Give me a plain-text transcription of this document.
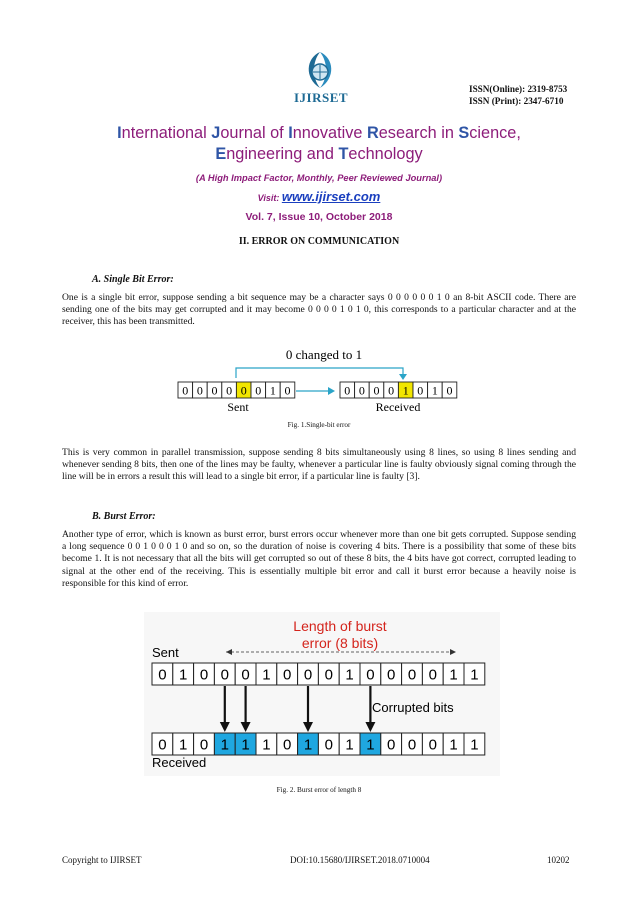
IJIRSET
ISSN(Online): 2319-8753
ISSN (Print): 2347-6710
International Journal of Innovative Research in Science,
Engineering and Technology
(A High Impact Factor, Monthly, Peer Reviewed Journal)
Visit: www.ijirset.com
Vol. 7, Issue 10, October 2018
II. ERROR ON COMMUNICATION
A. Single Bit Error:
One is a single bit error, suppose sending a bit sequence may be a character says 0 0 0 0 0 0 1 0 an 8-bit ASCII code. There are sending one of the bits may get corrupted and it may become 0 0 0 0 1 0 1 0, this corresponds to a particular character and at the receiver, this has been transmitted.
0 changed to 1
0 0 0 0 0 0 1 0	0 0 0 0 1 0 1 0
Sent	Received
Fig. 1.Single-bit error
This is very common in parallel transmission, suppose sending 8 bits simultaneously using 8 lines, so using 8 lines sending and whenever sending 8 bits, then one of the lines may be faulty, whenever a particular line is faulty obviously signal coming through the line will be in errors a result this will lead to a single bit error, if a particular line is faulty [3].
B. Burst Error:
Another type of error, which is known as burst error, burst errors occur whenever more than one bit gets corrupted. Suppose sending a long sequence 0 0 1 0 0 0 1 0 and so on, so the duration of noise is covering 4 bits. There is a possibility that some of these bits become 1. It is not necessary that all the bits will get corrupted so out of these 8 bits, the 4 bits have got correct, corrupted leading to signal at the other end of the receiving. This is essentially multiple bit error and call it burst error because a heavily noise is responsible for this kind of error.
Length of burst
error (8 bits)
Sent
0 1 0 0 0 1 0 0 0 1 0 0 0 0 1 1
Corrupted bits
0 1 0 1 1 1 0 1 0 1 1 0 0 0 1 1
Received
Fig. 2. Burst error of length 8
Copyright to IJIRSET	DOI:10.15680/IJIRSET.2018.0710004	10202
